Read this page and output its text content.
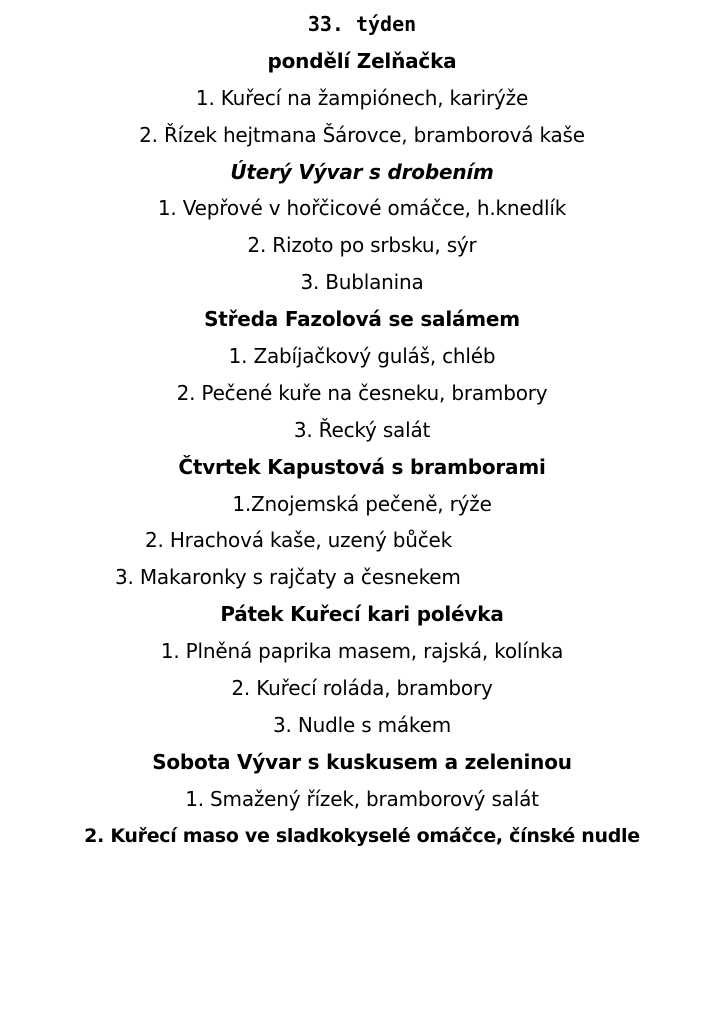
33. týden
pondělí Zelňačka
1. Kuřecí na žampiónech, karirýže
2. Řízek hejtmana Šárovce, bramborová kaše
Úterý Vývar s drobením
1. Vepřové v hořčicové omáčce, h.knedlík
2. Rizoto po srbsku, sýr
3. Bublanina
Středa Fazolová se salámem
1. Zabíjačkový guláš, chléb
2. Pečené kuře na česneku, brambory
3. Řecký salát
Čtvrtek Kapustová s bramborami
1.Znojemská pečeně, rýže
2. Hrachová kaše, uzený bůček
3. Makaronky s rajčaty a česnekem
Pátek Kuřecí kari polévka
1. Plněná paprika masem, rajská, kolínka
2. Kuřecí roláda, brambory
3. Nudle s mákem
Sobota Vývar s kuskusem a zeleninou
1. Smažený řízek, bramborový salát
2. Kuřecí maso ve sladkokyselé omáčce, čínské nudle
